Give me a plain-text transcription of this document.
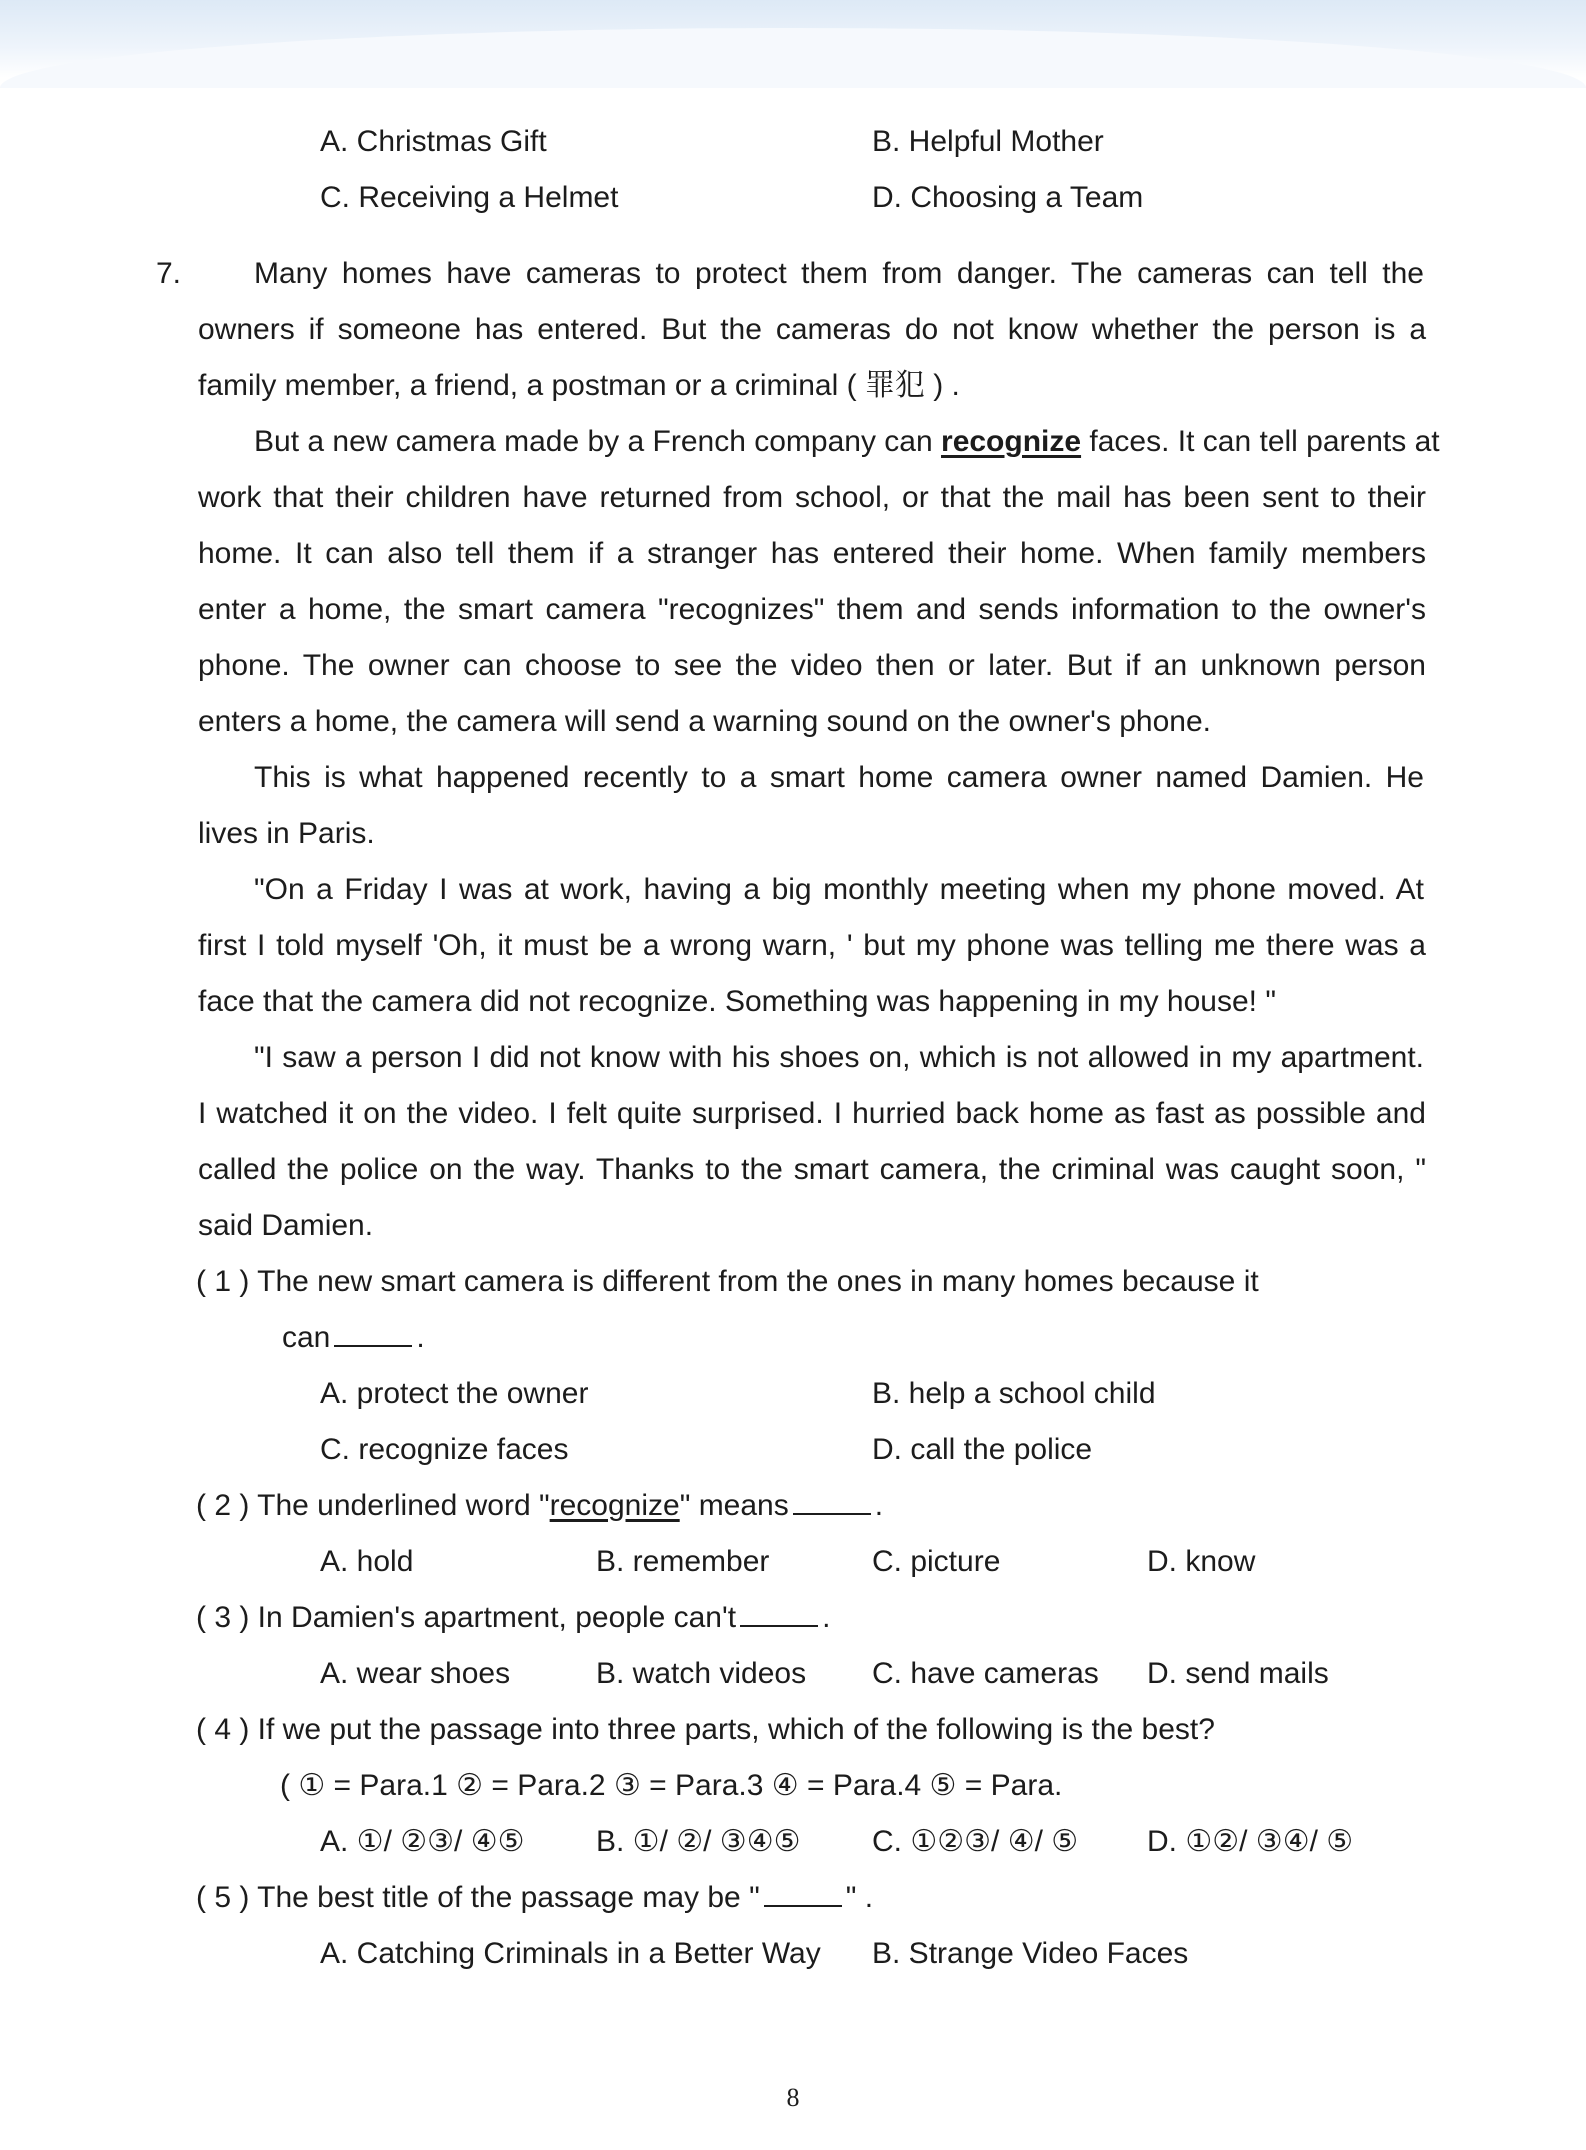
A. Christmas Gift	B. Helpful Mother
C. Receiving a Helmet	D. Choosing a Team
7. Many homes have cameras to protect them from danger. The cameras can tell the
owners if someone has entered. But the cameras do not know whether the person is a
family member, a friend, a postman or a criminal ( 罪犯 ) .
But a new camera made by a French company can recognize faces. It can tell parents at
work that their children have returned from school, or that the mail has been sent to their
home. It can also tell them if a stranger has entered their home. When family members
enter a home, the smart camera "recognizes" them and sends information to the owner's
phone. The owner can choose to see the video then or later. But if an unknown person
enters a home, the camera will send a warning sound on the owner's phone.
This is what happened recently to a smart home camera owner named Damien. He
lives in Paris.
"On a Friday I was at work, having a big monthly meeting when my phone moved. At
first I told myself 'Oh, it must be a wrong warn, ' but my phone was telling me there was a
face that the camera did not recognize. Something was happening in my house! "
"I saw a person I did not know with his shoes on, which is not allowed in my apartment.
I watched it on the video. I felt quite surprised. I hurried back home as fast as possible and
called the police on the way. Thanks to the smart camera, the criminal was caught soon, "
said Damien.
( 1 ) The new smart camera is different from the ones in many homes because it
can	.
A. protect the owner	B. help a school child
C. recognize faces	D. call the police
( 2 ) The underlined word "recognize" means	.
A. hold	B. remember	C. picture	D. know
( 3 ) In Damien's apartment, people can't	.
A. wear shoes	B. watch videos C. have cameras D. send mails
( 4 ) If we put the passage into three parts, which of the following is the best?
( ① = Para.1 ② = Para.2 ③ = Para.3 ④ = Para.4 ⑤ = Para.
A. ①/ ②③/ ④⑤ B. ①/ ②/ ③④⑤ C. ①②③/ ④/ ⑤ D. ①②/ ③④/ ⑤
( 5 ) The best title of the passage may be "	" .
A. Catching Criminals in a Better Way B. Strange Video Faces
8
